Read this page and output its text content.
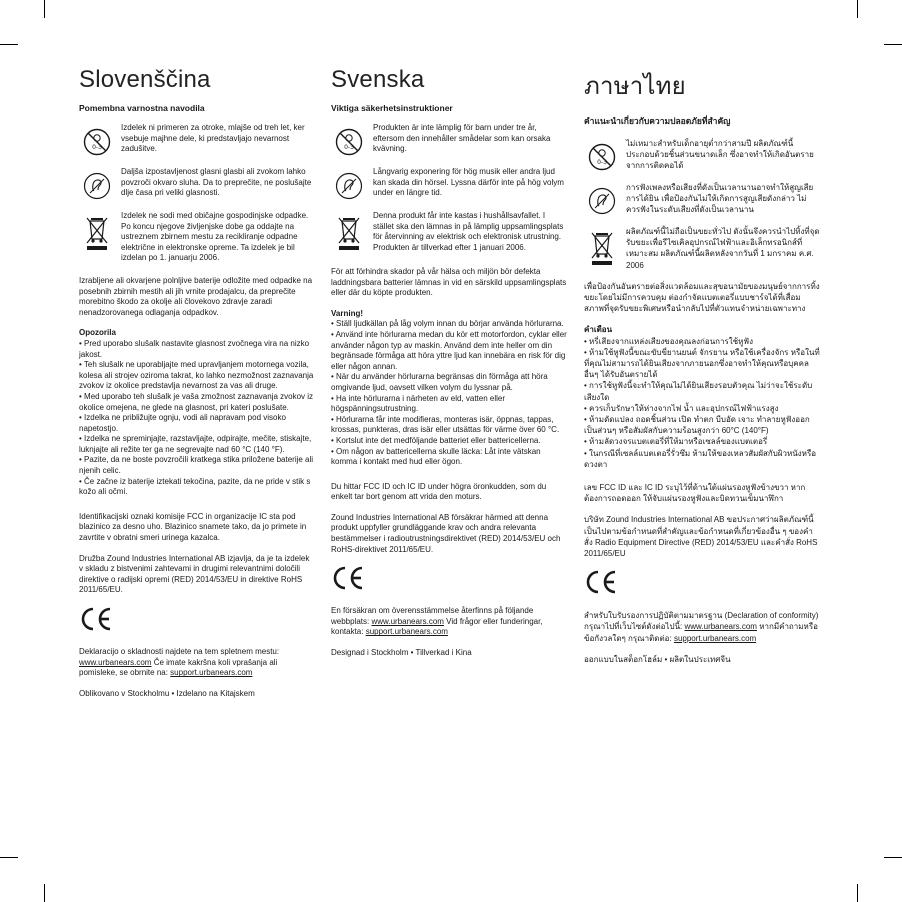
Slovenščina
Pomembna varnostna navodila
0-3

Izdelek ni primeren za otroke, mlajše od treh let, ker vsebuje majhne dele, ki predstavljajo nevarnost zadušitve.

Daljša izpostavljenost glasni glasbi ali zvokom lahko povzroči okvaro sluha. Da to preprečite, ne poslušajte dlje časa pri veliki glasnosti.

Izdelek ne sodi med običajne gospodinjske odpadke. Po koncu njegove življenjske dobe ga oddajte na ustreznem zbirnem mestu za recikliranje odpadne električne in elektronske opreme. Ta izdelek je bil izdelan po 1. januarju 2006.

Izrabljene ali okvarjene polnljive baterije odložite med odpadke na posebnih zbirnih mestih ali jih vrnite prodajalcu, da preprečite morebitno škodo za okolje ali človekovo zdravje zaradi nenadzorovanega odlaganja odpadkov.

Opozorila
• Pred uporabo slušalk nastavite glasnost zvočnega vira na nizko jakost.
• Teh slušalk ne uporabljajte med upravljanjem motornega vozila, kolesa ali strojev oziroma takrat, ko lahko nezmožnost zaznavanja zvokov iz okolice predstavlja nevarnost za vas ali druge.
• Med uporabo teh slušalk je vaša zmožnost zaznavanja zvokov iz okolice omejena, ne glede na glasnost, pri kateri poslušate.
• Izdelka ne približujte ognju, vodi ali napravam pod visoko napetostjo.
• Izdelka ne spreminjajte, razstavljajte, odpirajte, mečite, stiskajte, luknjajte ali režite ter ga ne segrevajte nad 60 °C (140 °F).
• Pazite, da ne boste povzročili kratkega stika priložene baterije ali njenih celic.
• Če začne iz baterije iztekati tekočina, pazite, da ne pride v stik s kožo ali očmi.

Identifikacijski oznaki komisije FCC in organizacije IC sta pod blazinico za desno uho. Blazinico snamete tako, da jo primete in zavrtite v obratni smeri urinega kazalca.

Družba Zound Industries International AB izjavlja, da je ta izdelek v skladu z bistvenimi zahtevami in drugimi relevantnimi določili direktive o radijski opremi (RED) 2014/53/EU in direktive RoHS 2011/65/EU.

Deklaracijo o skladnosti najdete na tem spletnem mestu: www.urbanears.com Če imate kakršna koli vprašanja ali pomisleke, se obrnite na: support.urbanears.com

Oblikovano v Stockholmu • Izdelano na Kitajskem

Svenska
Viktiga säkerhetsinstruktioner
0-3

Produkten är inte lämplig för barn under tre år, eftersom den innehåller smådelar som kan orsaka kvävning.

Långvarig exponering för hög musik eller andra ljud kan skada din hörsel. Lyssna därför inte på hög volym under en längre tid.

Denna produkt får inte kastas i hushållsavfallet. I stället ska den lämnas in på lämplig uppsamlingsplats för återvinning av elektrisk och elektronisk utrustning. Produkten är tillverkad efter 1 januari 2006.

För att förhindra skador på vår hälsa och miljön bör defekta laddningsbara batterier lämnas in vid en särskild uppsamlingsplats eller där du köpte produkten.

Varning!
• Ställ ljudkällan på låg volym innan du börjar använda hörlurarna.
• Använd inte hörlurarna medan du kör ett motorfordon, cyklar eller använder någon typ av maskin. Använd dem inte heller om din begränsade förmåga att höra yttre ljud kan innebära en risk för dig eller någon annan.
• När du använder hörlurarna begränsas din förmåga att höra omgivande ljud, oavsett vilken volym du lyssnar på.
• Ha inte hörlurarna i närheten av eld, vatten eller högspänningsutrustning.
• Hörlurarna får inte modifieras, monteras isär, öppnas, tappas, krossas, punkteras, dras isär eller utsättas för värme över 60 °C.
• Kortslut inte det medföljande batteriet eller battericellerna.
• Om någon av battericellerna skulle läcka: Låt inte vätskan komma i kontakt med hud eller ögon.

Du hittar FCC ID och IC ID under högra öronkudden, som du enkelt tar bort genom att vrida den moturs.

Zound Industries International AB försäkrar härmed att denna produkt uppfyller grundläggande krav och andra relevanta bestämmelser i radioutrustningsdirektivet (RED) 2014/53/EU och RoHS-direktivet 2011/65/EU.

En försäkran om överensstämmelse återfinns på följande webbplats: www.urbanears.com Vid frågor eller funderingar, kontakta: support.urbanears.com

Designad i Stockholm • Tillverkad i Kina

ภาษาไทย
คำแนะนำเกี่ยวกับความปลอดภัยที่สำคัญ
0-3

ไม่เหมาะสำหรับเด็กอายุต่ำกว่าสามปี ผลิตภัณฑ์นี้ประกอบด้วยชิ้นส่วนขนาดเล็ก ซึ่งอาจทำให้เกิดอันตรายจากการติดคอได้

การฟังเพลงหรือเสียงที่ดังเป็นเวลานานอาจทำให้สูญเสียการได้ยิน เพื่อป้องกันไม่ให้เกิดการสูญเสียดังกล่าว ไม่ควรฟังในระดับเสียงที่ดังเป็นเวลานาน

ผลิตภัณฑ์นี้ไม่ถือเป็นขยะทั่วไป ดังนั้นจึงควรนำไปทิ้งที่จุดรับขยะเพื่อรีไซเคิลอุปกรณ์ไฟฟ้าและอิเล็กทรอนิกส์ที่เหมาะสม ผลิตภัณฑ์นี้ผลิตหลังจากวันที่ 1 มกราคม ค.ศ. 2006

เพื่อป้องกันอันตรายต่อสิ่งแวดล้อมและสุขอนามัยของมนุษย์จากการทิ้งขยะโดยไม่มีการควบคุม ต่องกำจัดแบตเตอรี่แบบชาร์จได้ที่เสื่อมสภาพที่จุดรับขยะพิเศษหรือนำกลับไปที่ตัวแทนจำหน่ายเฉพาะทาง

คำเตือน
• หรี่เสียงจากแหล่งเสียงของคุณลงก่อนการใช้หูฟัง
• ห้ามใช้หูฟังนี้ขณะขับขี่ยานยนต์ จักรยาน หรือใช้เครื่องจักร หรือในที่ที่คุณไม่สามารถได้ยินเสียงจากภายนอกซึ่งอาจทำให้คุณหรือบุคคลอื่นๆ ได้รับอันตรายได้
• การใช้หูฟังนี้จะทำให้คุณไม่ได้ยินเสียงรอบตัวคุณ ไม่ว่าจะใช้ระดับเสียงใด
• ควรเก็บรักษาให้ห่างจากไฟ น้ำ และอุปกรณ์ไฟฟ้าแรงสูง
• ห้ามดัดแปลง ถอดชิ้นส่วน เปิด ทำตก บีบอัด เจาะ ทำลายหูฟังออกเป็นส่วนๆ หรือสัมผัสกับความร้อนสูงกว่า 60°C (140°F)
• ห้ามลัดวงจรแบตเตอรี่ที่ให้มาหรือเซลล์ของแบตเตอรี่
• ในกรณีที่เซลล์แบตเตอรี่รั่วซึม ห้ามให้ของเหลวสัมผัสกับผิวหนังหรือดวงตา

เลข FCC ID และ IC ID ระบุไว้ที่ด้านใต้แผ่นรองหูฟังข้างขวา หากต้องการถอดออก ให้จับแผ่นรองหูฟังและบิดทวนเข็มนาฬิกา

บริษัท Zound Industries International AB ขอประกาศว่าผลิตภัณฑ์นี้เป็นไปตามข้อกำหนดที่สำคัญและข้อกำหนดที่เกี่ยวข้องอื่น ๆ ของคำสั่ง Radio Equipment Directive (RED) 2014/53/EU และคำสั่ง RoHS 2011/65/EU

สำหรับใบรับรองการปฏิบัติตามมาตรฐาน (Declaration of conformity) กรุณาไปที่เว็บไซต์ดังต่อไปนี้: www.urbanears.com หากมีคำถามหรือข้อกังวลใดๆ กรุณาติดต่อ: support.urbanears.com

ออกแบบในสต็อกโฮล์ม • ผลิตในประเทศจีน
